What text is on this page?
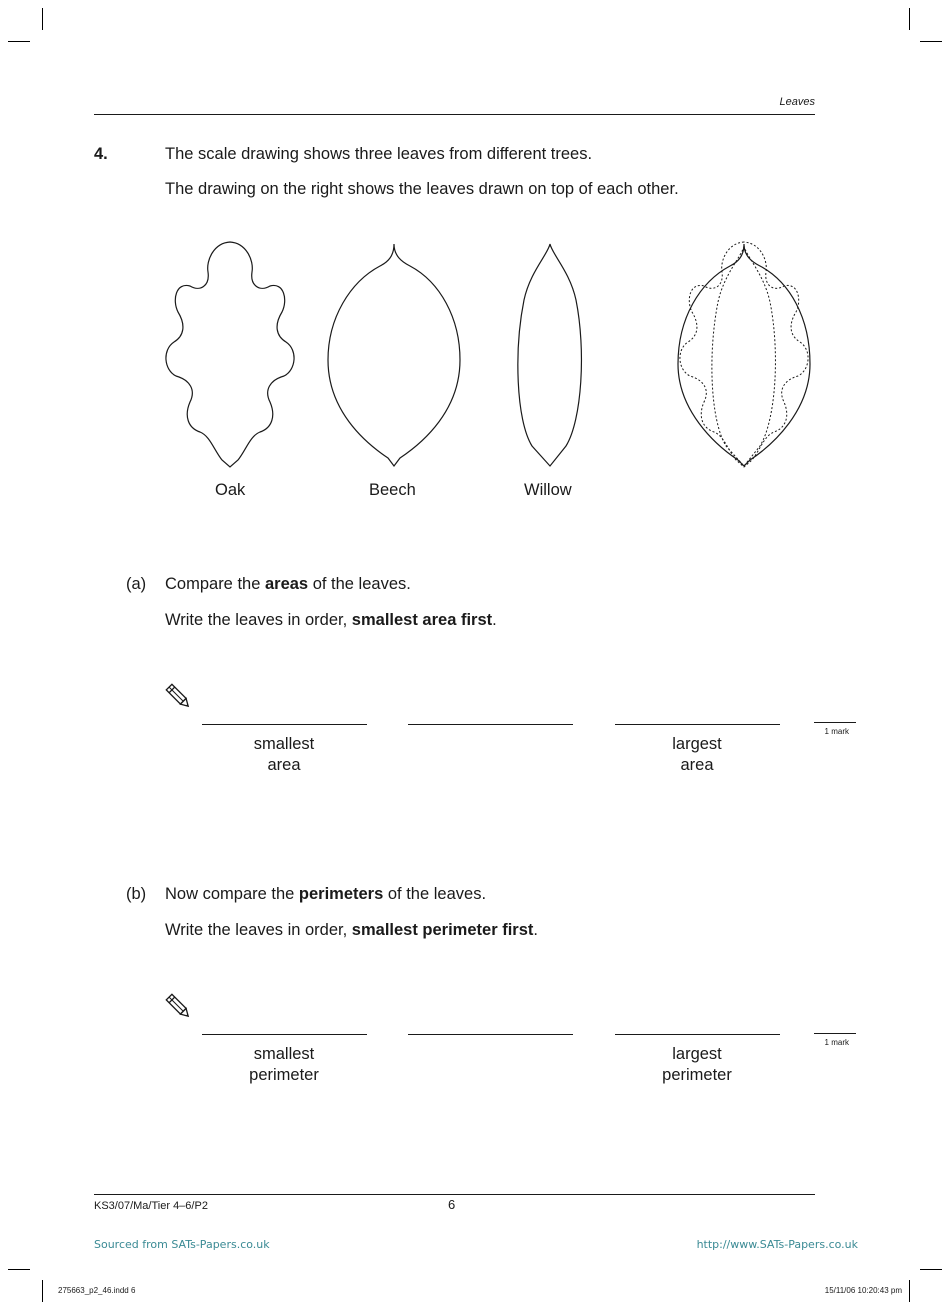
Leaves
4.	The scale drawing shows three leaves from different trees.
The drawing on the right shows the leaves drawn on top of each other.
Oak	Beech	Willow
(a) Compare the areas of the leaves.
Write the leaves in order, smallest area first.
smallest
area
largest
area
1 mark
(b) Now compare the perimeters of the leaves.
Write the leaves in order, smallest perimeter first.
smallest
perimeter
largest
perimeter
1 mark
KS3/07/Ma/Tier 4–6/P2	6
Sourced from SATs-Papers.co.uk	http://www.SATs-Papers.co.uk
275663_p2_46.indd 6	15/11/06 10:20:43 pm
